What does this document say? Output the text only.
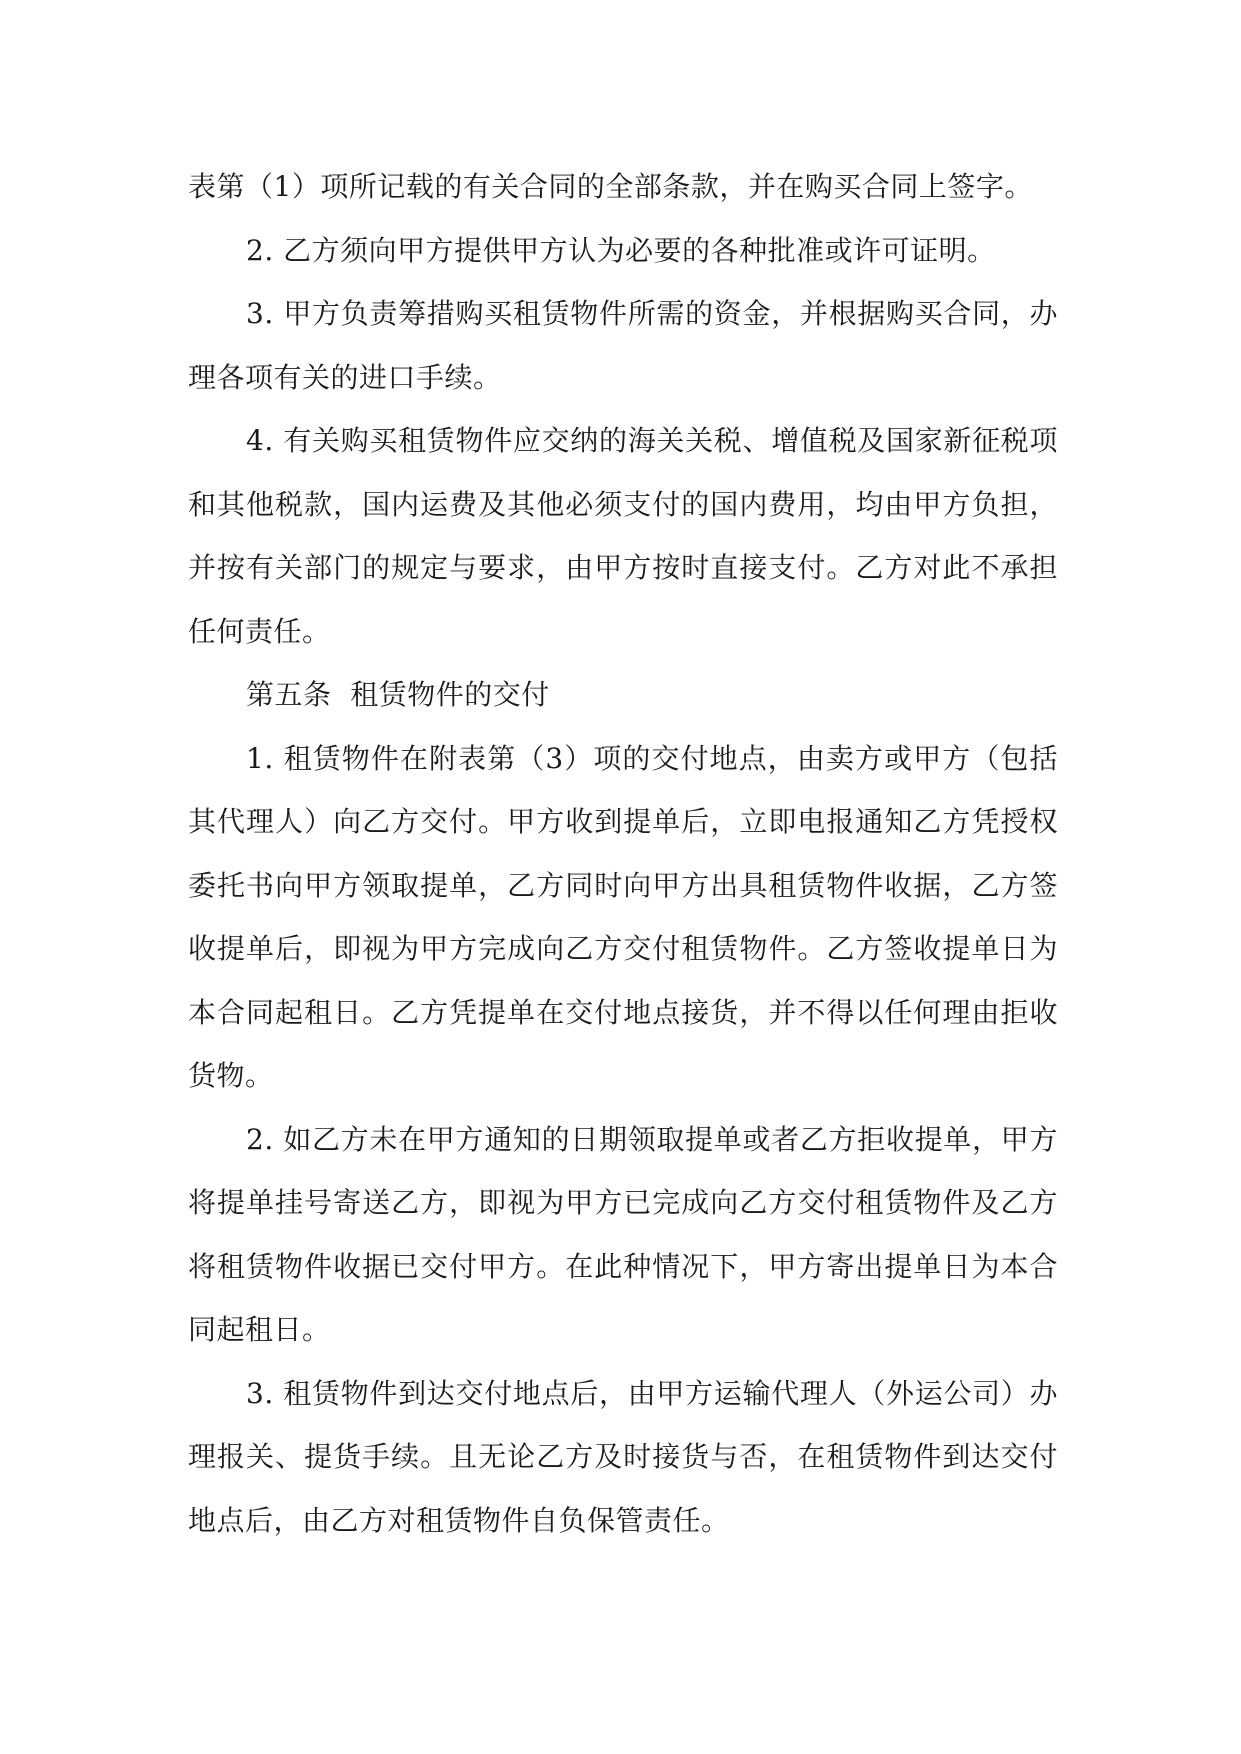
表第（1）项所记载的有关合同的全部条款，并在购买合同上签字。

2. 乙方须向甲方提供甲方认为必要的各种批准或许可证明。

3. 甲方负责筹措购买租赁物件所需的资金，并根据购买合同，办理各项有关的进口手续。

4. 有关购买租赁物件应交纳的海关关税、增值税及国家新征税项和其他税款，国内运费及其他必须支付的国内费用，均由甲方负担，并按有关部门的规定与要求，由甲方按时直接支付。乙方对此不承担任何责任。

第五条  租赁物件的交付

1. 租赁物件在附表第（3）项的交付地点，由卖方或甲方（包括其代理人）向乙方交付。甲方收到提单后，立即电报通知乙方凭授权委托书向甲方领取提单，乙方同时向甲方出具租赁物件收据，乙方签收提单后，即视为甲方完成向乙方交付租赁物件。乙方签收提单日为本合同起租日。乙方凭提单在交付地点接货，并不得以任何理由拒收货物。

2. 如乙方未在甲方通知的日期领取提单或者乙方拒收提单，甲方将提单挂号寄送乙方，即视为甲方已完成向乙方交付租赁物件及乙方将租赁物件收据已交付甲方。在此种情况下，甲方寄出提单日为本合同起租日。

3. 租赁物件到达交付地点后，由甲方运输代理人（外运公司）办理报关、提货手续。且无论乙方及时接货与否，在租赁物件到达交付地点后，由乙方对租赁物件自负保管责任。
